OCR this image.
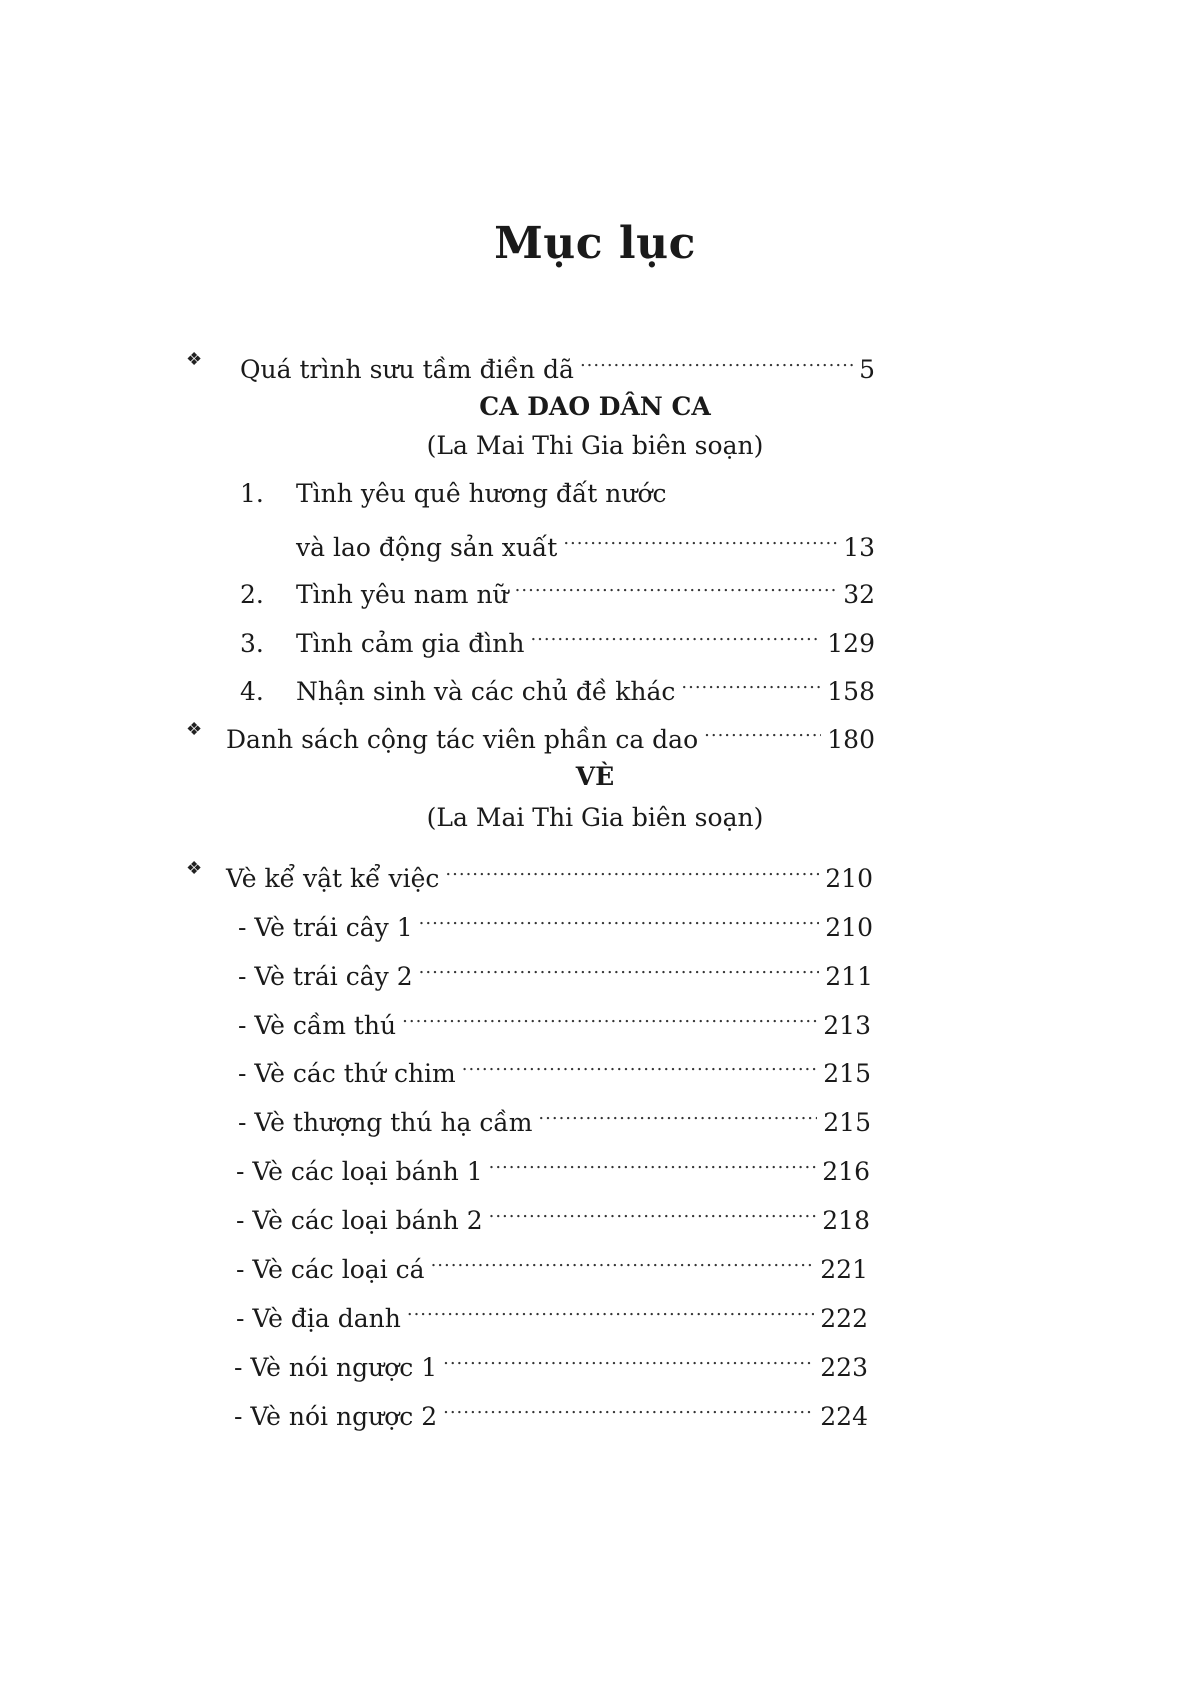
Mục lục
❖ Quá trình sưu tầm điền dã .....	5
CA DAO DÂN CA
(La Mai Thi Gia biên soạn)
1.	Tình yêu quê hương đất nước
và lao động sản xuất .....	13
2.	Tình yêu nam nữ .....	32
3.	Tình cảm gia đình .....	129
4.	Nhận sinh và các chủ đề khác .....	158
❖ Danh sách cộng tác viên phần ca dao .....	180
VÈ
(La Mai Thi Gia biên soạn)
❖ Vè kể vật kể việc .....	210
- Vè trái cây 1 .....	210
- Vè trái cây 2 .....	211
- Vè cầm thú .....	213
- Vè các thứ chim .....	215
- Vè thượng thú hạ cầm .....	215
- Vè các loại bánh 1 .....	216
- Vè các loại bánh 2 .....	218
- Vè các loại cá .....	221
- Vè địa danh .....	222
- Vè nói ngược 1 .....	223
- Vè nói ngược 2 .....	224
